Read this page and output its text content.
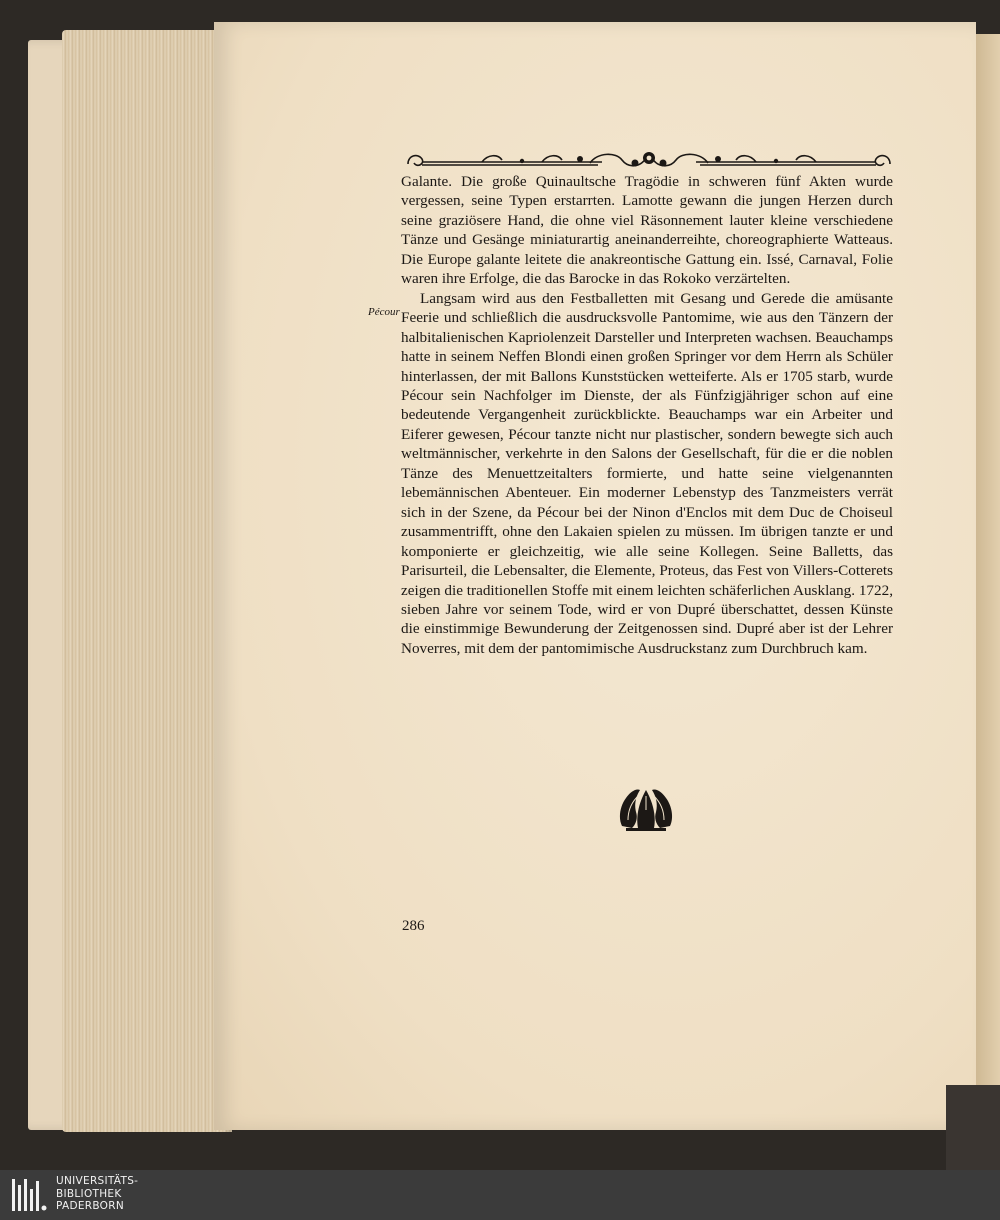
Pécour

Galante. Die große Quinaultsche Tragödie in schweren fünf Akten wurde vergessen, seine Typen erstarrten. Lamotte gewann die jungen Herzen durch seine graziösere Hand, die ohne viel Räsonnement lauter kleine verschiedene Tänze und Gesänge miniaturartig aneinanderreihte, choreographierte Watteaus. Die Europe galante leitete die anakreontische Gattung ein. Issé, Carnaval, Folie waren ihre Erfolge, die das Barocke in das Rokoko verzärtelten.

Langsam wird aus den Festballetten mit Gesang und Gerede die amüsante Feerie und schließlich die ausdrucksvolle Pantomime, wie aus den Tänzern der halbitalienischen Kapriolenzeit Darsteller und Interpreten wachsen. Beauchamps hatte in seinem Neffen Blondi einen großen Springer vor dem Herrn als Schüler hinterlassen, der mit Ballons Kunststücken wetteiferte. Als er 1705 starb, wurde Pécour sein Nachfolger im Dienste, der als Fünfzigjähriger schon auf eine bedeutende Vergangenheit zurückblickte. Beauchamps war ein Arbeiter und Eiferer gewesen, Pécour tanzte nicht nur plastischer, sondern bewegte sich auch weltmännischer, verkehrte in den Salons der Gesellschaft, für die er die noblen Tänze des Menuettzeitalters formierte, und hatte seine vielgenannten lebemännischen Abenteuer. Ein moderner Lebenstyp des Tanzmeisters verrät sich in der Szene, da Pécour bei der Ninon d'Enclos mit dem Duc de Choiseul zusammentrifft, ohne den Lakaien spielen zu müssen. Im übrigen tanzte er und komponierte er gleichzeitig, wie alle seine Kollegen. Seine Balletts, das Parisurteil, die Lebensalter, die Elemente, Proteus, das Fest von Villers-Cotterets zeigen die traditionellen Stoffe mit einem leichten schäferlichen Ausklang. 1722, sieben Jahre vor seinem Tode, wird er von Dupré überschattet, dessen Künste die einstimmige Bewunderung der Zeitgenossen sind. Dupré aber ist der Lehrer Noverres, mit dem der pantomimische Ausdruckstanz zum Durchbruch kam.

286
UNIVERSITÄTS-
BIBLIOTHEK
PADERBORN
